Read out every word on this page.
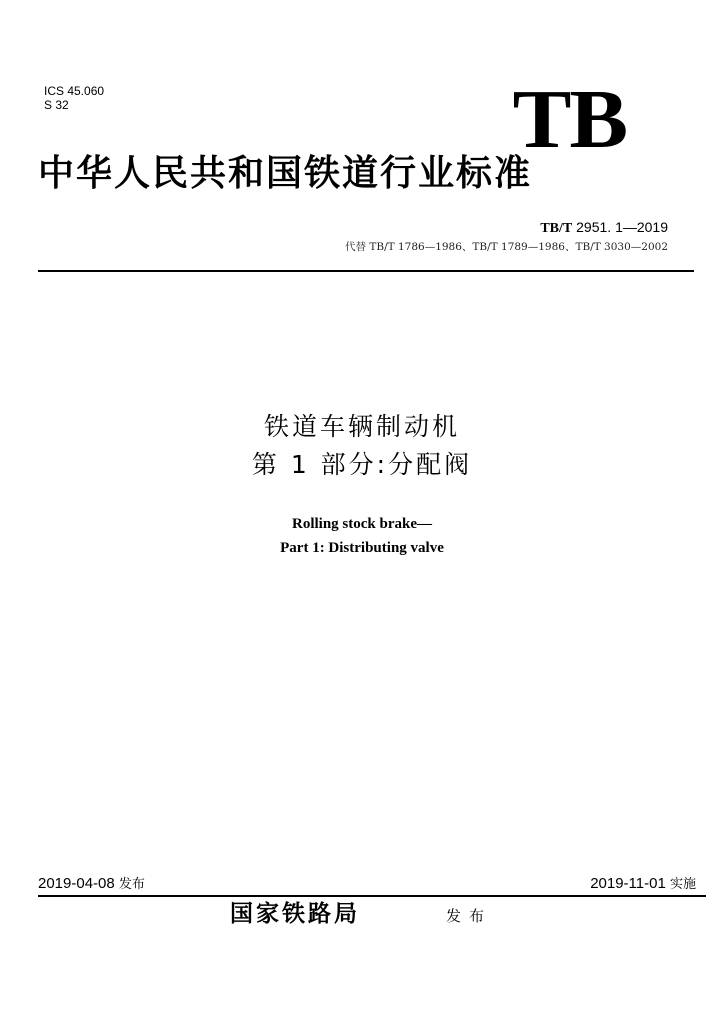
ICS 45.060
S 32	TB
中华人民共和国铁道行业标准
TB/T 2951. 1—2019
代替 TB/T 1786—1986、TB/T 1789—1986、TB/T 3030—2002
铁道车辆制动机
第 1 部分:分配阀
Rolling stock brake—
Part 1: Distributing valve
2019-04-08 发布	2019-11-01 实施
国家铁路局	发布
